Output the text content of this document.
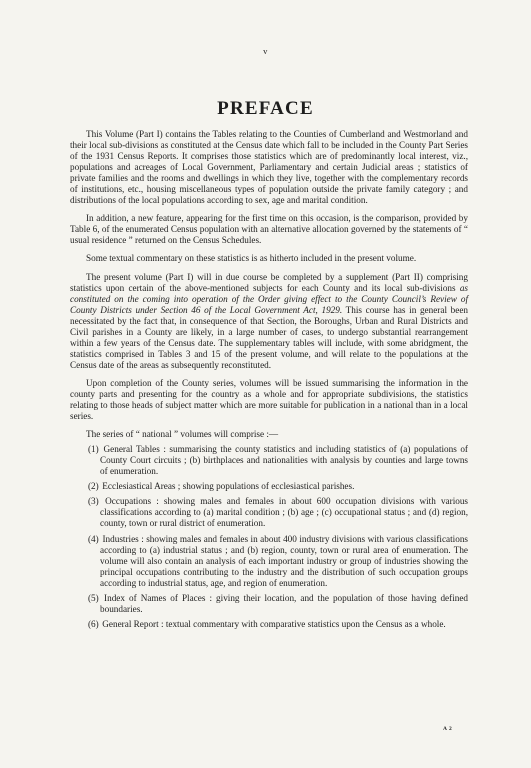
v
PREFACE

This Volume (Part I) contains the Tables relating to the Counties of Cumberland and Westmorland and their local sub-divisions as constituted at the Census date which fall to be included in the County Part Series of the 1931 Census Reports. It comprises those statistics which are of predominantly local interest, viz., populations and acreages of Local Government, Parliamentary and certain Judicial areas ; statistics of private families and the rooms and dwellings in which they live, together with the complementary records of institutions, etc., housing miscellaneous types of population outside the private family category ; and distributions of the local populations according to sex, age and marital condition.

In addition, a new feature, appearing for the first time on this occasion, is the comparison, provided by Table 6, of the enumerated Census population with an alternative allocation governed by the statements of “ usual residence ” returned on the Census Schedules.

Some textual commentary on these statistics is as hitherto included in the present volume.

The present volume (Part I) will in due course be completed by a supplement (Part II) comprising statistics upon certain of the above-mentioned subjects for each County and its local sub-divisions as constituted on the coming into operation of the Order giving effect to the County Council’s Review of County Districts under Section 46 of the Local Government Act, 1929. This course has in general been necessitated by the fact that, in consequence of that Section, the Boroughs, Urban and Rural Districts and Civil parishes in a County are likely, in a large number of cases, to undergo substantial rearrangement within a few years of the Census date. The supplementary tables will include, with some abridgment, the statistics comprised in Tables 3 and 15 of the present volume, and will relate to the populations at the Census date of the areas as subsequently reconstituted.

Upon completion of the County series, volumes will be issued summarising the information in the county parts and presenting for the country as a whole and for appropriate subdivisions, the statistics relating to those heads of subject matter which are more suitable for publication in a national than in a local series.

The series of “ national ” volumes will comprise :—

(1) General Tables : summarising the county statistics and including statistics of (a) populations of County Court circuits ; (b) birthplaces and nationalities with analysis by counties and large towns of enumeration.
(2) Ecclesiastical Areas ; showing populations of ecclesiastical parishes.
(3) Occupations : showing males and females in about 600 occupation divisions with various classifications according to (a) marital condition ; (b) age ; (c) occupational status ; and (d) region, county, town or rural district of enumeration.
(4) Industries : showing males and females in about 400 industry divisions with various classifications according to (a) industrial status ; and (b) region, county, town or rural area of enumeration. The volume will also contain an analysis of each important industry or group of industries showing the principal occupations contributing to the industry and the distribution of such occupation groups according to industrial status, age, and region of enumeration.
(5) Index of Names of Places : giving their location, and the population of those having defined boundaries.
(6) General Report : textual commentary with comparative statistics upon the Census as a whole.
A 2
